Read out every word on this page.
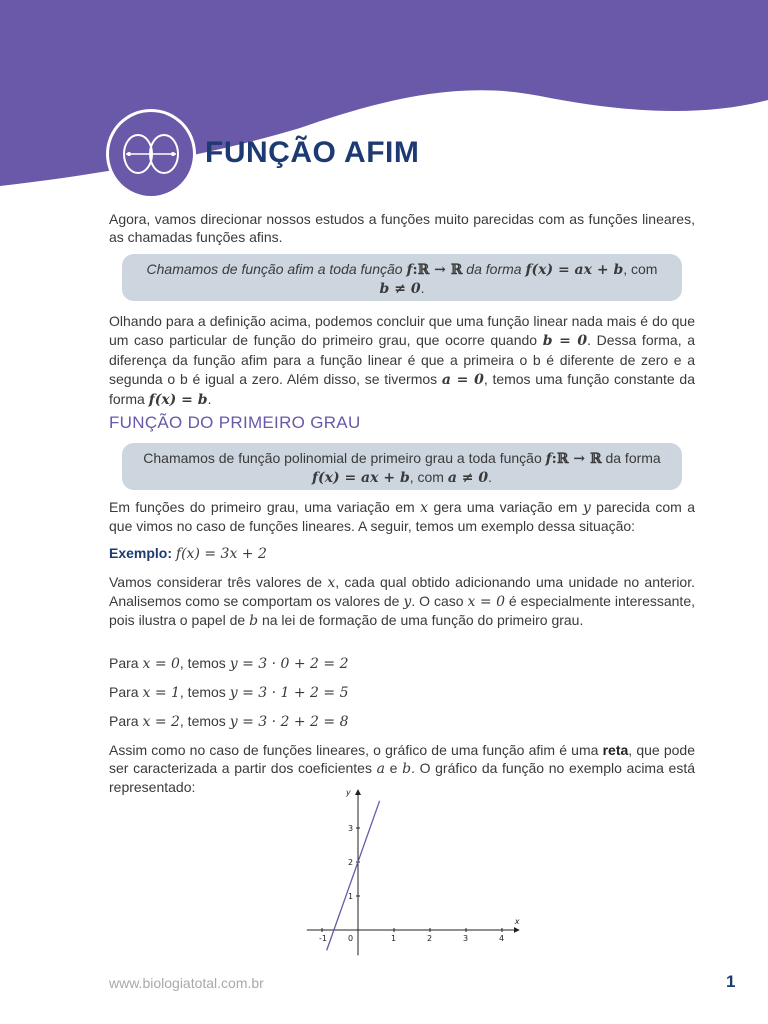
FUNÇÃO AFIM
Agora, vamos direcionar nossos estudos a funções muito parecidas com as funções lineares, as chamadas funções afins.
Chamamos de função afim a toda função f:ℝ → ℝ da forma f(x) = ax + b, com
b ≠ 0.
Olhando para a definição acima, podemos concluir que uma função linear nada mais é do que um caso particular de função do primeiro grau, que ocorre quando b = 0. Dessa forma, a diferença da função afim para a função linear é que a primeira o b é diferente de zero e a segunda o b é igual a zero. Além disso, se tivermos a = 0, temos uma função constante da forma f(x) = b.
FUNÇÃO DO PRIMEIRO GRAU
Chamamos de função polinomial de primeiro grau a toda função f:ℝ → ℝ da forma
f(x) = ax + b, com a ≠ 0.
Em funções do primeiro grau, uma variação em x gera uma variação em y parecida com a que vimos no caso de funções lineares. A seguir, temos um exemplo dessa situação:
Exemplo: f(x) = 3x + 2
Vamos considerar três valores de x, cada qual obtido adicionando uma unidade no anterior. Analisemos como se comportam os valores de y. O caso x = 0 é especialmente interessante, pois ilustra o papel de b na lei de formação de uma função do primeiro grau.
Para x = 0, temos y = 3 · 0 + 2 = 2
Para x = 1, temos y = 3 · 1 + 2 = 5
Para x = 2, temos y = 3 · 2 + 2 = 8
Assim como no caso de funções lineares, o gráfico de uma função afim é uma reta, que pode ser caracterizada a partir dos coeficientes a e b. O gráfico da função no exemplo acima está representado:
x
y
-1	0	1	2	3	4
1
2
3
www.biologiatotal.com.br	1
